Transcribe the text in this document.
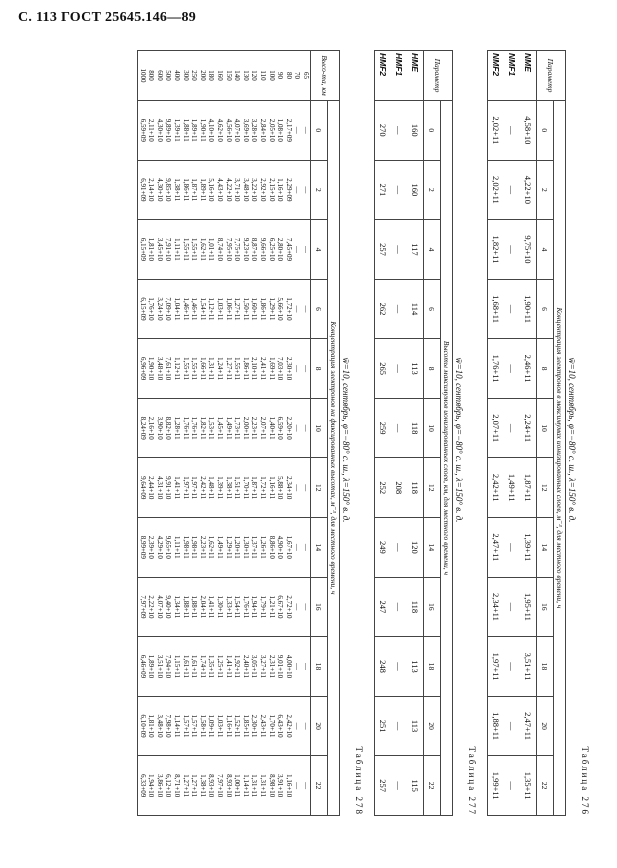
С. 113 ГОСТ 25645.146—89
Таблица 276
w̄=10, сентябрь, φ=−80° с. ш., λ=150° в. д.
Параметр	Концентрация электронов в максимумах ионизированных слоев, м⁻³, для местного времени, ч											
	0	2	4	6	8	10	12	14	16	18	20	22
NME	4,58+10	4,22+10	9,75+10	1,90+11	2,46+11	2,24+11	1,87+11	1,39+11	1,95+11	3,51+11	2,47+11	1,35+11
NMF1	—	—	—	—	—	—	1,49+11	—	—	—	—	—
NMF2	2,02+11	2,02+11	1,82+11	1,68+11	1,76+11	2,07+11	2,42+11	2,47+11	2,34+11	1,97+11	1,88+11	1,99+11
Таблица 277
w̄=10, сентябрь, φ=−80° с. ш., λ=150° в. д.
Параметр	Высоты максимумов ионизированных слоев, км, для местного времени, ч											
	0	2	4	6	8	10	12	14	16	18	20	22
HME	160	160	117	114	113	118	118	120	118	113	113	115
HMF1	—	—	—	—	—	—	208	—	—	—	—	—
HMF2	270	271	257	262	265	259	252	249	247	248	251	257
Таблица 278
w̄=10, сентябрь, φ=−80° с. ш., λ=150° в. д.
Высо-та, км	Концентрация электронов на фиксированных высотах, м⁻³, для местного времени, ч											
	0	2	4	6	8	10	12	14	16	18	20	22
65	—	—	—	—	—	—	—	—	—	—	—	—
70	—	—	—	—	—	—	—	—	—	—	—	—
80	2,17+09	2,29+09	7,45+09	1,72+10	2,30+10	2,20+10	2,34+10	1,67+10	2,72+10	4,00+10	2,42+10	1,16+10
90	1,08+10	1,16+10	2,80+10	5,66+10	7,03+10	6,59+10	5,88+10	4,90+10	6,67+10	9,01+10	6,43+10	3,91+10
100	2,05+10	2,15+10	6,25+10	1,29+11	1,69+11	1,40+11	1,16+11	8,86+10	1,21+11	2,31+11	1,70+11	8,98+10
110	2,84+10	2,92+10	9,66+10	1,86+11	2,41+11	2,07+11	1,72+11	1,26+11	1,79+11	3,27+11	2,43+11	1,31+11
120	3,28+10	3,22+10	8,87+10	1,60+11	2,10+11	2,23+11	1,87+11	1,37+11	1,94+11	3,05+11	2,30+11	1,31+11
130	3,69+10	3,48+10	9,23+10	1,50+11	1,86+11	2,00+11	1,70+11	1,30+11	1,76+11	2,40+11	1,85+11	1,14+11
140	4,07+10	3,71+10	7,75+10	1,27+11	1,55+11	1,73+11	1,51+11	1,20+11	1,54+11	1,92+11	1,52+11	1,00+11
150	4,56+10	4,22+10	7,95+10	1,06+11	1,27+11	1,49+11	1,38+11	1,29+11	1,33+11	1,41+11	1,16+11	8,93+10
160	4,62+10	4,43+10	8,74+10	1,03+11	1,24+11	1,45+11	1,39+11	1,49+11	1,30+11	1,25+11	1,03+11	7,97+10
180	4,10+10	5,16+10	1,01+11	1,12+11	1,31+11	1,53+11	1,48+11	1,62+11	1,41+11	1,35+11	1,09+11	8,93+10
200	1,90+11	1,89+11	1,62+11	1,54+11	1,66+11	1,82+11	2,42+11	2,23+11	2,04+11	1,74+11	1,58+11	1,38+11
250	1,89+11	1,87+11	1,55+11	1,46+11	1,55+11	1,76+11	1,97+11	1,98+11	1,88+11	1,61+11	1,57+11	1,27+11
300	1,88+11	1,86+11	1,55+11	1,46+11	1,55+11	1,76+11	1,97+11	1,98+11	1,88+11	1,61+11	1,57+11	1,27+11
400	1,39+11	1,38+11	1,11+11	1,04+11	1,12+11	1,28+11	1,41+11	1,11+11	1,34+11	1,15+11	1,14+11	8,71+10
500	9,89+10	9,85+10	7,91+10	7,09+10	7,61+10	8,82+10	9,91+10	9,65+10	9,40+10	7,94+10	7,98+10	6,12+10
600	4,30+10	4,30+10	3,45+10	3,24+10	3,48+10	3,90+10	4,31+10	4,29+10	4,07+10	3,51+10	3,48+10	3,86+10
800	2,11+10	2,14+10	1,81+10	1,76+10	1,90+10	2,16+10	2,44+10	2,39+10	2,22+10	1,89+10	1,81+10	1,94+10
1000	6,59+09	6,91+09	6,15+09	6,15+09	6,96+09	8,24+09	9,64+09	8,99+09	7,97+09	6,46+09	6,10+09	6,33+09
